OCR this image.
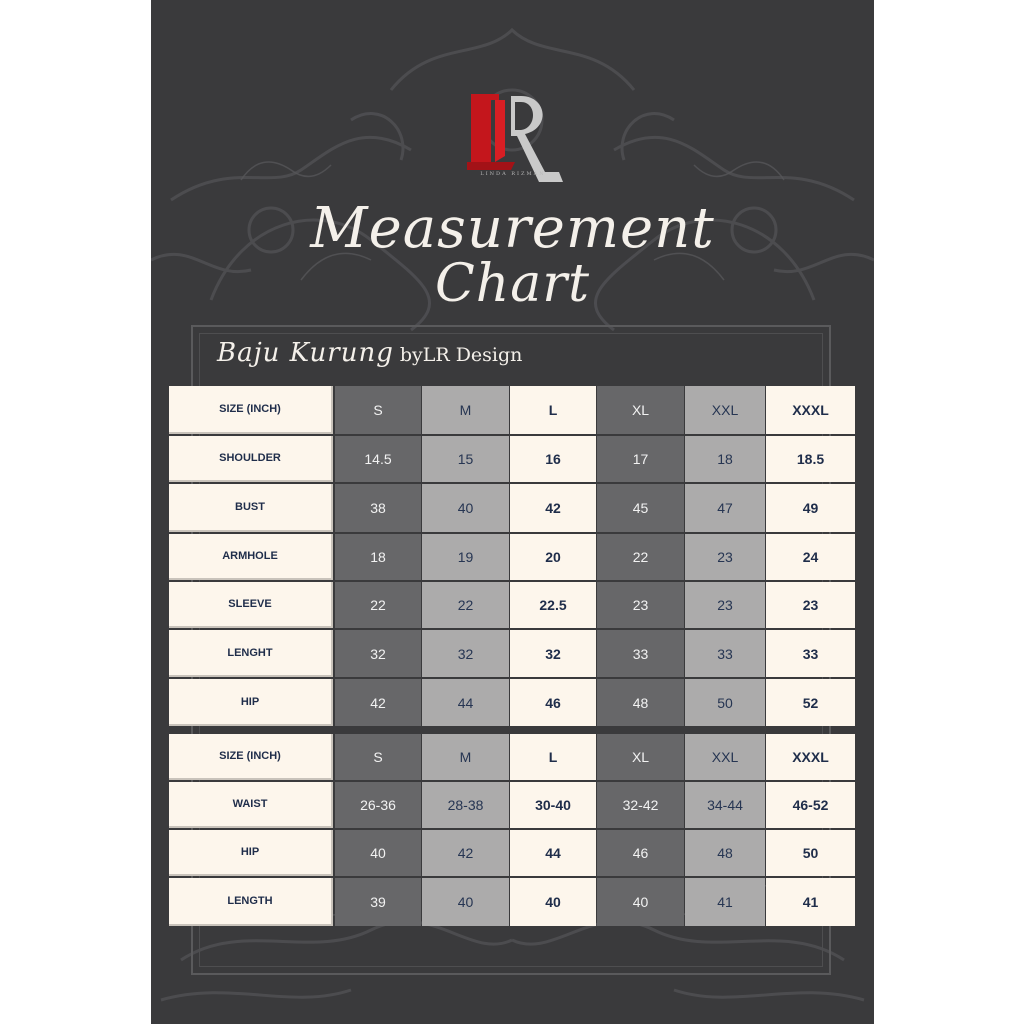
LINDA RIZMAN
Measurement
Chart
Baju Kurung byLR Design
SIZE (INCH)	S	M	L	XL	XXL	XXXL
SHOULDER	14.5	15	16	17	18	18.5
BUST	38	40	42	45	47	49
ARMHOLE	18	19	20	22	23	24
SLEEVE	22	22	22.5	23	23	23
LENGHT	32	32	32	33	33	33
HIP	42	44	46	48	50	52
SIZE (INCH)	S	M	L	XL	XXL	XXXL
WAIST	26-36	28-38	30-40	32-42	34-44	46-52
HIP	40	42	44	46	48	50
LENGTH	39	40	40	40	41	41
